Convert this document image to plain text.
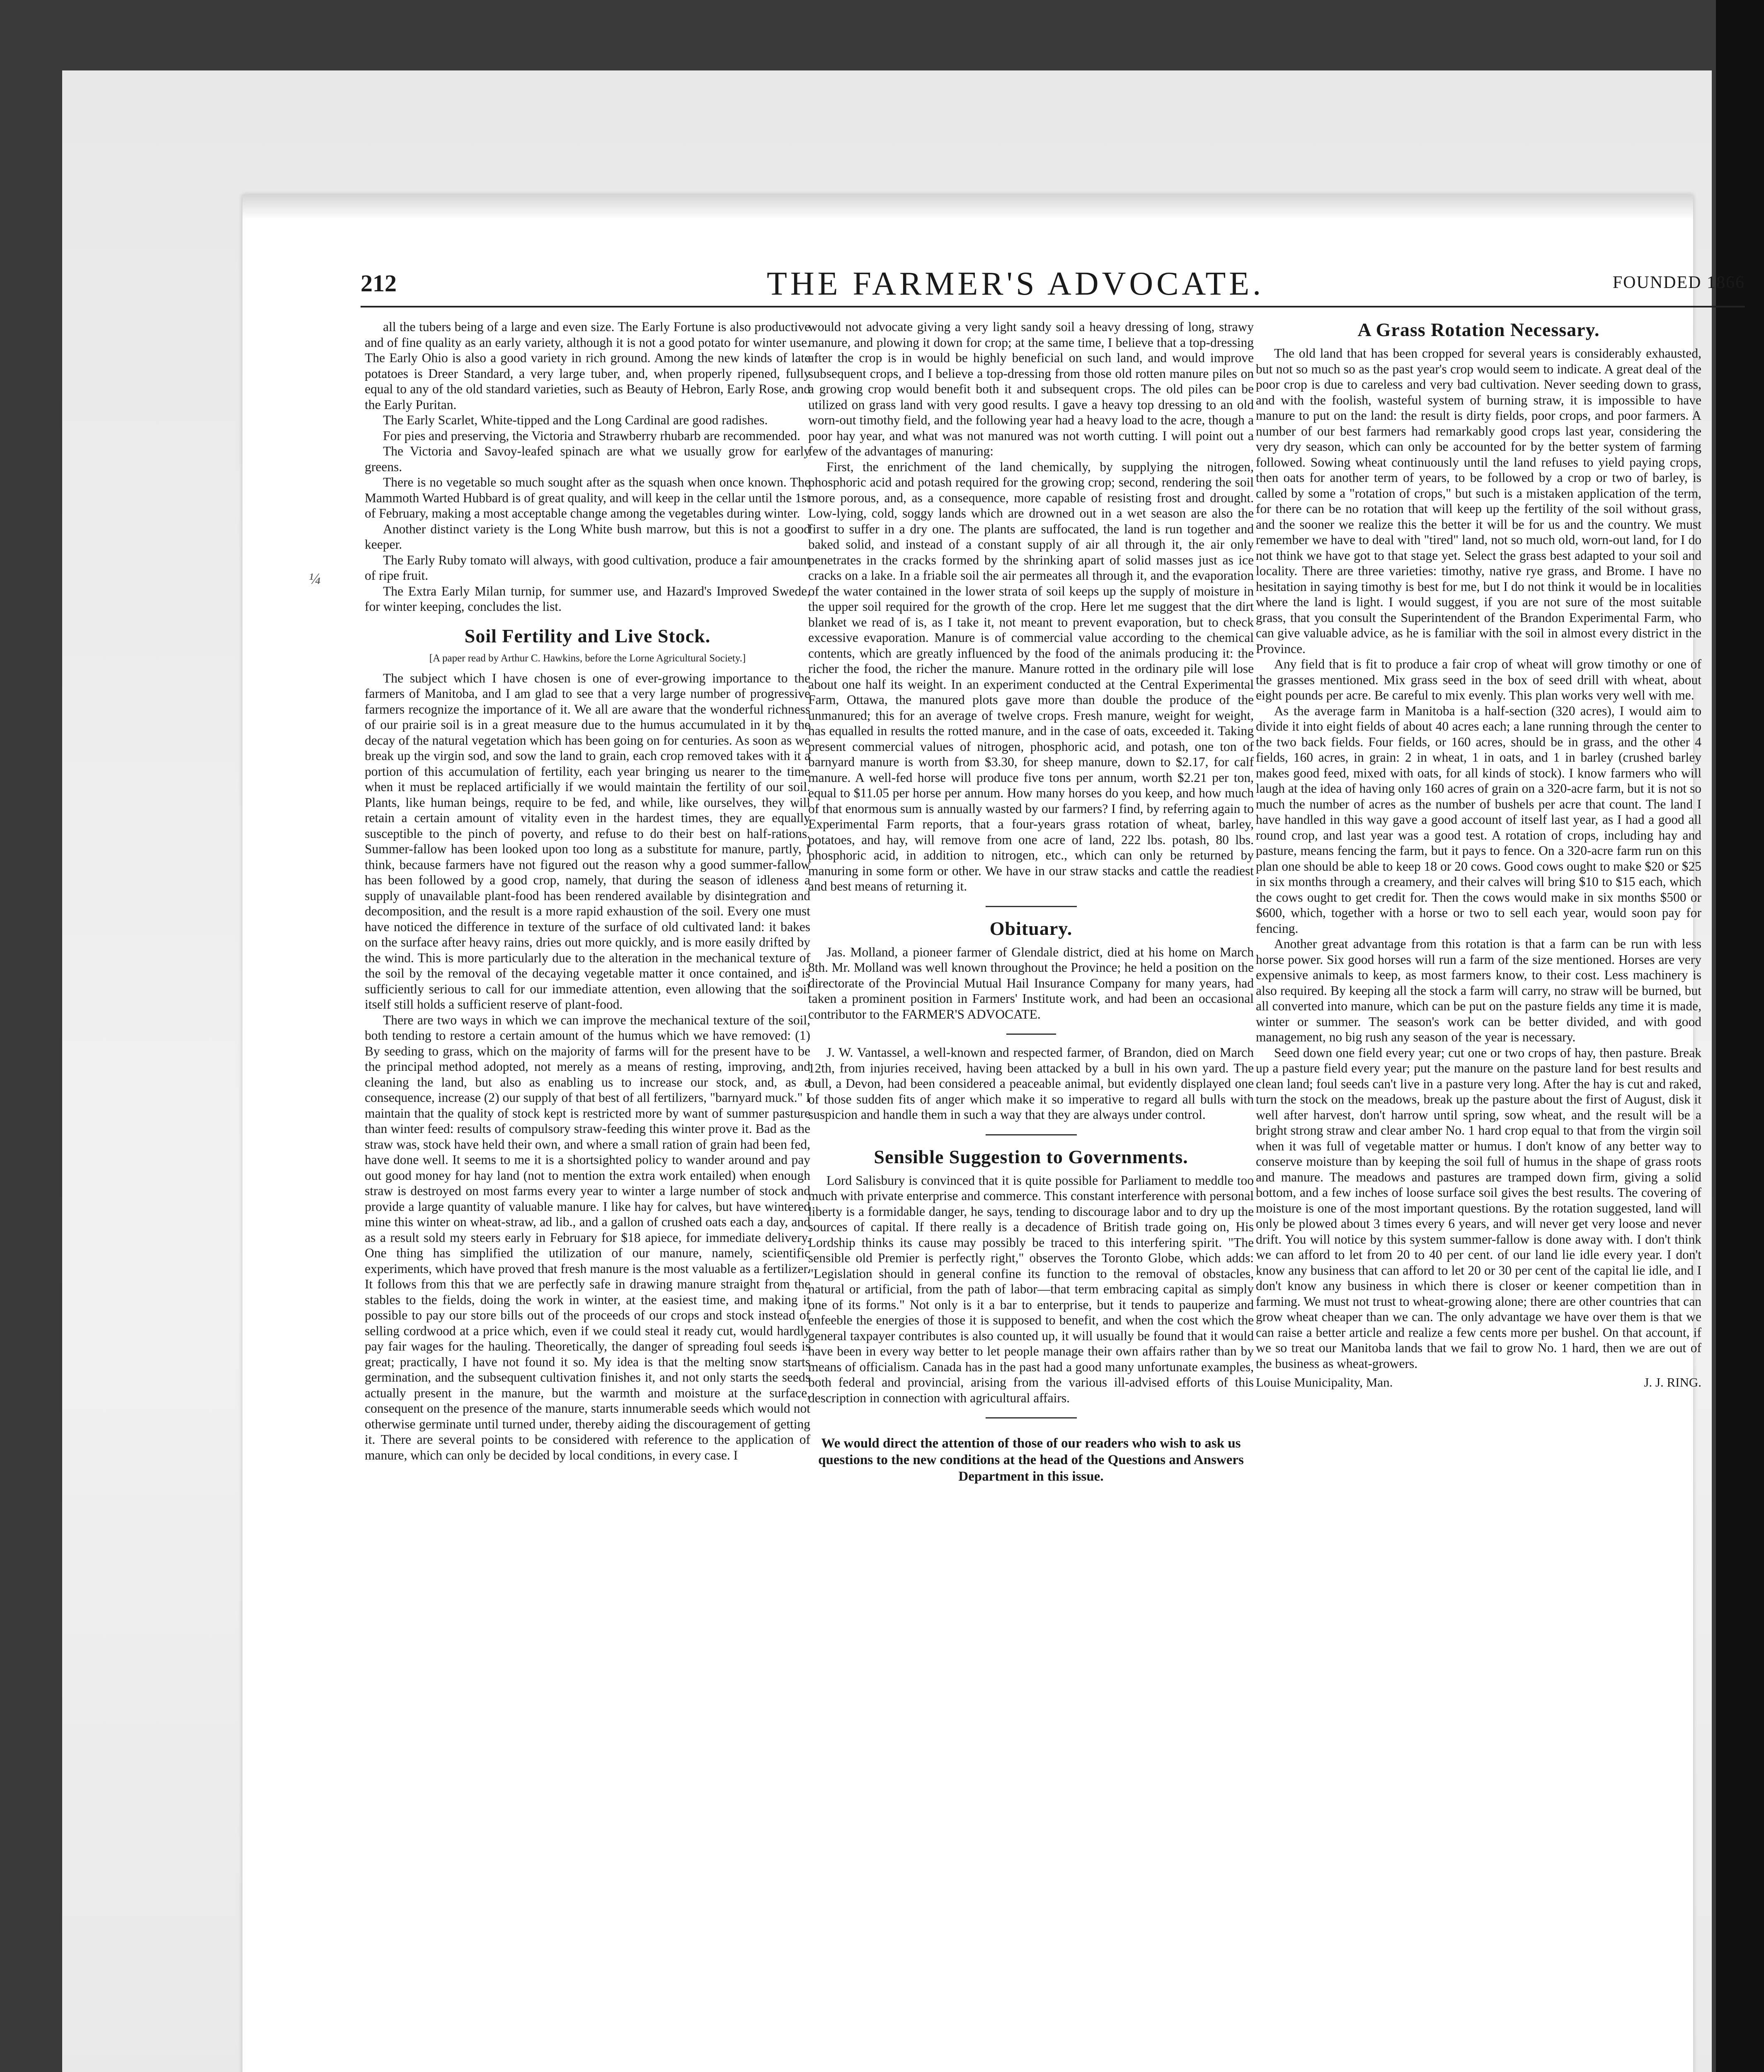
¼
212	THE FARMER'S ADVOCATE.	FOUNDED 1866

all the tubers being of a large and even size. The Early Fortune is also productive and of fine quality as an early variety, although it is not a good potato for winter use. The Early Ohio is also a good variety in rich ground. Among the new kinds of late potatoes is Dreer Standard, a very large tuber, and, when properly ripened, fully equal to any of the old standard varieties, such as Beauty of Hebron, Early Rose, and the Early Puritan.

The Early Scarlet, White-tipped and the Long Cardinal are good radishes.

For pies and preserving, the Victoria and Strawberry rhubarb are recommended.

The Victoria and Savoy-leafed spinach are what we usually grow for early greens.

There is no vegetable so much sought after as the squash when once known. The Mammoth Warted Hubbard is of great quality, and will keep in the cellar until the 1st of February, making a most acceptable change among the vegetables during winter.

Another distinct variety is the Long White bush marrow, but this is not a good keeper.

The Early Ruby tomato will always, with good cultivation, produce a fair amount of ripe fruit.

The Extra Early Milan turnip, for summer use, and Hazard's Improved Swede, for winter keeping, concludes the list.

Soil Fertility and Live Stock.

[A paper read by Arthur C. Hawkins, before the Lorne Agricultural Society.]

The subject which I have chosen is one of ever-growing importance to the farmers of Manitoba, and I am glad to see that a very large number of progressive farmers recognize the importance of it. We all are aware that the wonderful richness of our prairie soil is in a great measure due to the humus accumulated in it by the decay of the natural vegetation which has been going on for centuries. As soon as we break up the virgin sod, and sow the land to grain, each crop removed takes with it a portion of this accumulation of fertility, each year bringing us nearer to the time when it must be replaced artificially if we would maintain the fertility of our soil. Plants, like human beings, require to be fed, and while, like ourselves, they will retain a certain amount of vitality even in the hardest times, they are equally susceptible to the pinch of poverty, and refuse to do their best on half-rations. Summer-fallow has been looked upon too long as a substitute for manure, partly, I think, because farmers have not figured out the reason why a good summer-fallow has been followed by a good crop, namely, that during the season of idleness a supply of unavailable plant-food has been rendered available by disintegration and decomposition, and the result is a more rapid exhaustion of the soil. Every one must have noticed the difference in texture of the surface of old cultivated land: it bakes on the surface after heavy rains, dries out more quickly, and is more easily drifted by the wind. This is more particularly due to the alteration in the mechanical texture of the soil by the removal of the decaying vegetable matter it once contained, and is sufficiently serious to call for our immediate attention, even allowing that the soil itself still holds a sufficient reserve of plant-food.

There are two ways in which we can improve the mechanical texture of the soil, both tending to restore a certain amount of the humus which we have removed: (1) By seeding to grass, which on the majority of farms will for the present have to be the principal method adopted, not merely as a means of resting, improving, and cleaning the land, but also as enabling us to increase our stock, and, as a consequence, increase (2) our supply of that best of all fertilizers, "barnyard muck." I maintain that the quality of stock kept is restricted more by want of summer pasture than winter feed: results of compulsory straw-feeding this winter prove it. Bad as the straw was, stock have held their own, and where a small ration of grain had been fed, have done well. It seems to me it is a shortsighted policy to wander around and pay out good money for hay land (not to mention the extra work entailed) when enough straw is destroyed on most farms every year to winter a large number of stock and provide a large quantity of valuable manure. I like hay for calves, but have wintered mine this winter on wheat-straw, ad lib., and a gallon of crushed oats each a day, and as a result sold my steers early in February for $18 apiece, for immediate delivery. One thing has simplified the utilization of our manure, namely, scientific experiments, which have proved that fresh manure is the most valuable as a fertilizer. It follows from this that we are perfectly safe in drawing manure straight from the stables to the fields, doing the work in winter, at the easiest time, and making it possible to pay our store bills out of the proceeds of our crops and stock instead of selling cordwood at a price which, even if we could steal it ready cut, would hardly pay fair wages for the hauling. Theoretically, the danger of spreading foul seeds is great; practically, I have not found it so. My idea is that the melting snow starts germination, and the subsequent cultivation finishes it, and not only starts the seeds actually present in the manure, but the warmth and moisture at the surface, consequent on the presence of the manure, starts innumerable seeds which would not otherwise germinate until turned under, thereby aiding the discouragement of getting it. There are several points to be considered with reference to the application of manure, which can only be decided by local conditions, in every case. I

would not advocate giving a very light sandy soil a heavy dressing of long, strawy manure, and plowing it down for crop; at the same time, I believe that a top-dressing after the crop is in would be highly beneficial on such land, and would improve subsequent crops, and I believe a top-dressing from those old rotten manure piles on a growing crop would benefit both it and subsequent crops. The old piles can be utilized on grass land with very good results. I gave a heavy top dressing to an old worn-out timothy field, and the following year had a heavy load to the acre, though a poor hay year, and what was not manured was not worth cutting. I will point out a few of the advantages of manuring:

First, the enrichment of the land chemically, by supplying the nitrogen, phosphoric acid and potash required for the growing crop; second, rendering the soil more porous, and, as a consequence, more capable of resisting frost and drought. Low-lying, cold, soggy lands which are drowned out in a wet season are also the first to suffer in a dry one. The plants are suffocated, the land is run together and baked solid, and instead of a constant supply of air all through it, the air only penetrates in the cracks formed by the shrinking apart of solid masses just as ice cracks on a lake. In a friable soil the air permeates all through it, and the evaporation of the water contained in the lower strata of soil keeps up the supply of moisture in the upper soil required for the growth of the crop. Here let me suggest that the dirt blanket we read of is, as I take it, not meant to prevent evaporation, but to check excessive evaporation. Manure is of commercial value according to the chemical contents, which are greatly influenced by the food of the animals producing it: the richer the food, the richer the manure. Manure rotted in the ordinary pile will lose about one half its weight. In an experiment conducted at the Central Experimental Farm, Ottawa, the manured plots gave more than double the produce of the unmanured; this for an average of twelve crops. Fresh manure, weight for weight, has equalled in results the rotted manure, and in the case of oats, exceeded it. Taking present commercial values of nitrogen, phosphoric acid, and potash, one ton of barnyard manure is worth from $3.30, for sheep manure, down to $2.17, for calf manure. A well-fed horse will produce five tons per annum, worth $2.21 per ton, equal to $11.05 per horse per annum. How many horses do you keep, and how much of that enormous sum is annually wasted by our farmers? I find, by referring again to Experimental Farm reports, that a four-years grass rotation of wheat, barley, potatoes, and hay, will remove from one acre of land, 222 lbs. potash, 80 lbs. phosphoric acid, in addition to nitrogen, etc., which can only be returned by manuring in some form or other. We have in our straw stacks and cattle the readiest and best means of returning it.

Obituary.

Jas. Molland, a pioneer farmer of Glendale district, died at his home on March 8th. Mr. Molland was well known throughout the Province; he held a position on the directorate of the Provincial Mutual Hail Insurance Company for many years, had taken a prominent position in Farmers' Institute work, and had been an occasional contributor to the FARMER'S ADVOCATE.

J. W. Vantassel, a well-known and respected farmer, of Brandon, died on March 12th, from injuries received, having been attacked by a bull in his own yard. The bull, a Devon, had been considered a peaceable animal, but evidently displayed one of those sudden fits of anger which make it so imperative to regard all bulls with suspicion and handle them in such a way that they are always under control.

Sensible Suggestion to Governments.

Lord Salisbury is convinced that it is quite possible for Parliament to meddle too much with private enterprise and commerce. This constant interference with personal liberty is a formidable danger, he says, tending to discourage labor and to dry up the sources of capital. If there really is a decadence of British trade going on, His Lordship thinks its cause may possibly be traced to this interfering spirit. "The sensible old Premier is perfectly right," observes the Toronto Globe, which adds: "Legislation should in general confine its function to the removal of obstacles, natural or artificial, from the path of labor—that term embracing capital as simply one of its forms." Not only is it a bar to enterprise, but it tends to pauperize and enfeeble the energies of those it is supposed to benefit, and when the cost which the general taxpayer contributes is also counted up, it will usually be found that it would have been in every way better to let people manage their own affairs rather than by means of officialism. Canada has in the past had a good many unfortunate examples, both federal and provincial, arising from the various ill-advised efforts of this description in connection with agricultural affairs.

We would direct the attention of those of our readers who wish to ask us questions to the new conditions at the head of the Questions and Answers Department in this issue.

A Grass Rotation Necessary.

The old land that has been cropped for several years is considerably exhausted, but not so much so as the past year's crop would seem to indicate. A great deal of the poor crop is due to careless and very bad cultivation. Never seeding down to grass, and with the foolish, wasteful system of burning straw, it is impossible to have manure to put on the land: the result is dirty fields, poor crops, and poor farmers. A number of our best farmers had remarkably good crops last year, considering the very dry season, which can only be accounted for by the better system of farming followed. Sowing wheat continuously until the land refuses to yield paying crops, then oats for another term of years, to be followed by a crop or two of barley, is called by some a "rotation of crops," but such is a mistaken application of the term, for there can be no rotation that will keep up the fertility of the soil without grass, and the sooner we realize this the better it will be for us and the country. We must remember we have to deal with "tired" land, not so much old, worn-out land, for I do not think we have got to that stage yet. Select the grass best adapted to your soil and locality. There are three varieties: timothy, native rye grass, and Brome. I have no hesitation in saying timothy is best for me, but I do not think it would be in localities where the land is light. I would suggest, if you are not sure of the most suitable grass, that you consult the Superintendent of the Brandon Experimental Farm, who can give valuable advice, as he is familiar with the soil in almost every district in the Province.

Any field that is fit to produce a fair crop of wheat will grow timothy or one of the grasses mentioned. Mix grass seed in the box of seed drill with wheat, about eight pounds per acre. Be careful to mix evenly. This plan works very well with me.

As the average farm in Manitoba is a half-section (320 acres), I would aim to divide it into eight fields of about 40 acres each; a lane running through the center to the two back fields. Four fields, or 160 acres, should be in grass, and the other 4 fields, 160 acres, in grain: 2 in wheat, 1 in oats, and 1 in barley (crushed barley makes good feed, mixed with oats, for all kinds of stock). I know farmers who will laugh at the idea of having only 160 acres of grain on a 320-acre farm, but it is not so much the number of acres as the number of bushels per acre that count. The land I have handled in this way gave a good account of itself last year, as I had a good all round crop, and last year was a good test. A rotation of crops, including hay and pasture, means fencing the farm, but it pays to fence. On a 320-acre farm run on this plan one should be able to keep 18 or 20 cows. Good cows ought to make $20 or $25 in six months through a creamery, and their calves will bring $10 to $15 each, which the cows ought to get credit for. Then the cows would make in six months $500 or $600, which, together with a horse or two to sell each year, would soon pay for fencing.

Another great advantage from this rotation is that a farm can be run with less horse power. Six good horses will run a farm of the size mentioned. Horses are very expensive animals to keep, as most farmers know, to their cost. Less machinery is also required. By keeping all the stock a farm will carry, no straw will be burned, but all converted into manure, which can be put on the pasture fields any time it is made, winter or summer. The season's work can be better divided, and with good management, no big rush any season of the year is necessary.

Seed down one field every year; cut one or two crops of hay, then pasture. Break up a pasture field every year; put the manure on the pasture land for best results and clean land; foul seeds can't live in a pasture very long. After the hay is cut and raked, turn the stock on the meadows, break up the pasture about the first of August, disk it well after harvest, don't harrow until spring, sow wheat, and the result will be a bright strong straw and clear amber No. 1 hard crop equal to that from the virgin soil when it was full of vegetable matter or humus. I don't know of any better way to conserve moisture than by keeping the soil full of humus in the shape of grass roots and manure. The meadows and pastures are tramped down firm, giving a solid bottom, and a few inches of loose surface soil gives the best results. The covering of moisture is one of the most important questions. By the rotation suggested, land will only be plowed about 3 times every 6 years, and will never get very loose and never drift. You will notice by this system summer-fallow is done away with. I don't think we can afford to let from 20 to 40 per cent. of our land lie idle every year. I don't know any business that can afford to let 20 or 30 per cent of the capital lie idle, and I don't know any business in which there is closer or keener competition than in farming. We must not trust to wheat-growing alone; there are other countries that can grow wheat cheaper than we can. The only advantage we have over them is that we can raise a better article and realize a few cents more per bushel. On that account, if we so treat our Manitoba lands that we fail to grow No. 1 hard, then we are out of the business as wheat-growers.

Louise Municipality, Man.	J. J. RING.
